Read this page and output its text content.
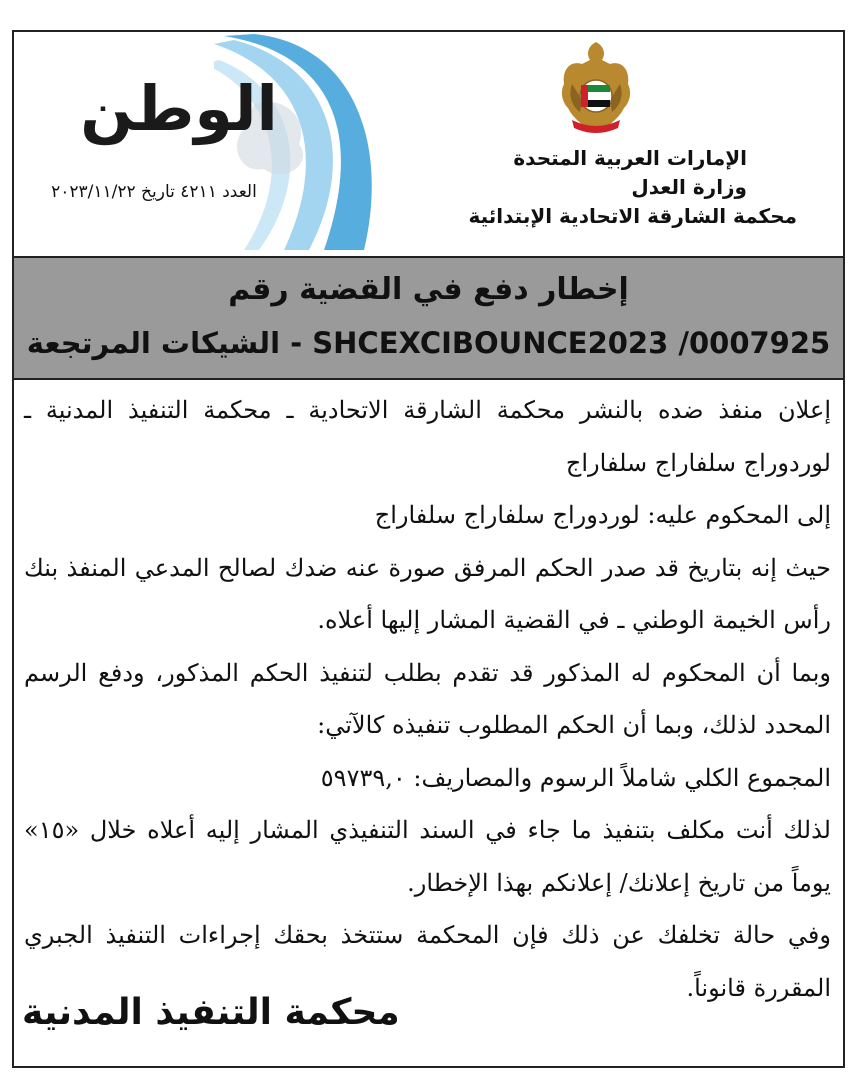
الوطن
العدد ٤٢١١ تاريخ ٢٠٢٣/١١/٢٢
الإمارات العربية المتحدة
وزارة العدل
محكمة الشارقة الاتحادية الإبتدائية
إخطار دفع في القضية رقم
SHCEXCIBOUNCE2023 /0007925 - الشيكات المرتجعة

إعلان منفذ ضده بالنشر محكمة الشارقة الاتحادية ـ محكمة التنفيذ المدنية ـ لوردوراج سلفاراج سلفاراج

إلى المحكوم عليه: لوردوراج سلفاراج سلفاراج

حيث إنه بتاريخ قد صدر الحكم المرفق صورة عنه ضدك لصالح المدعي المنفذ بنك رأس الخيمة الوطني ـ في القضية المشار إليها أعلاه.

وبما أن المحكوم له المذكور قد تقدم بطلب لتنفيذ الحكم المذكور، ودفع الرسم المحدد لذلك، وبما أن الحكم المطلوب تنفيذه كالآتي:

المجموع الكلي شاملاً الرسوم والمصاريف: ٥٩٧٣٩,٠

لذلك أنت مكلف بتنفيذ ما جاء في السند التنفيذي المشار إليه أعلاه خلال «١٥» يوماً من تاريخ إعلانك/ إعلانكم بهذا الإخطار.

وفي حالة تخلفك عن ذلك فإن المحكمة ستتخذ بحقك إجراءات التنفيذ الجبري المقررة قانوناً.

محكمة التنفيذ المدنية
